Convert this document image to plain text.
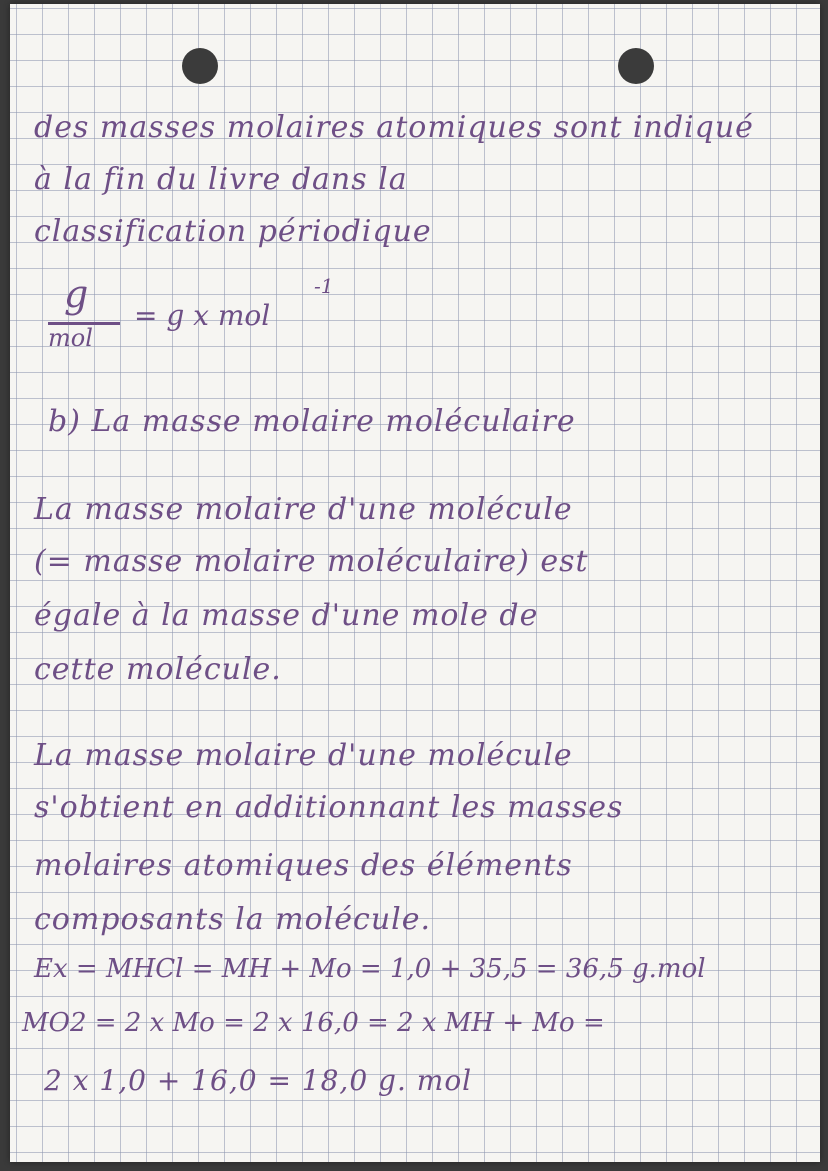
des masses molaires atomiques sont indiqué
à la fin du livre dans la
classification périodique
g
mol
= g x mol
-1
b) La masse molaire moléculaire
La masse molaire d'une molécule
(= masse molaire moléculaire) est
égale à la masse d'une mole de
cette molécule.
La masse molaire d'une molécule
s'obtient en additionnant les masses
molaires atomiques des éléments
composants la molécule.
Ex = MHCl = MH + Mo = 1,0 + 35,5 = 36,5 g.mol
MO2 = 2 x Mo = 2 x 16,0 = 2 x MH + Mo =
2 x 1,0 + 16,0 = 18,0 g. mol
